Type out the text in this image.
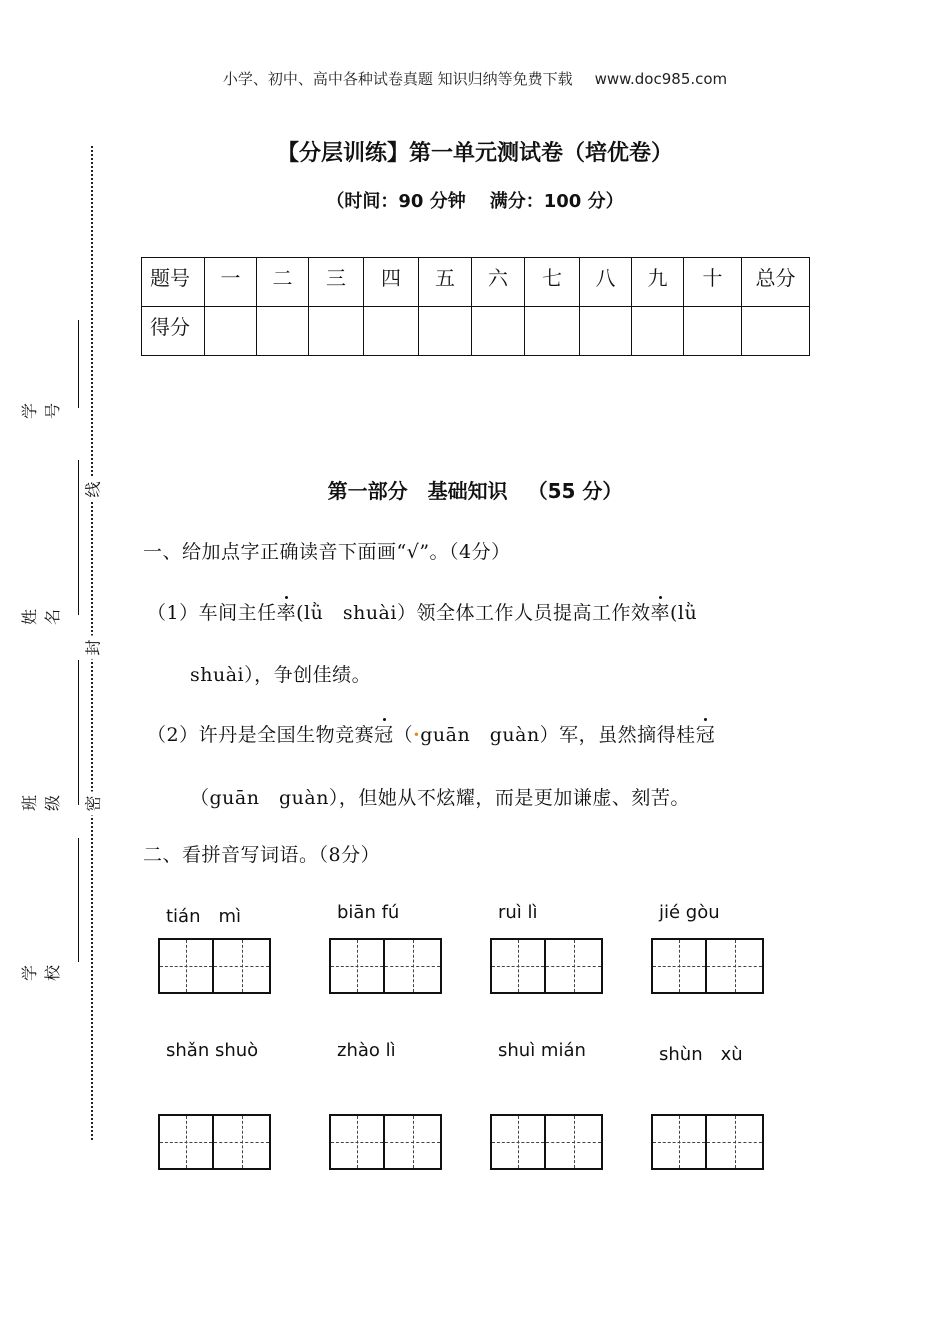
小学、初中、高中各种试卷真题 知识归纳等免费下载 www.doc985.com
【分层训练】第一单元测试卷（培优卷）
（时间：90 分钟 满分：100 分）
题号	一	二	三	四	五	六	七	八	九	十	总分
得分											
线
封
密
学号
姓名
班级
学校
第一部分 基础知识 （55 分）
一、给加点字正确读音下面画“√”。（4分）
（1）车间主任率(lǜ　shuài）领全体工作人员提高工作效率(lǜ
shuài），争创佳绩。
（2）许丹是全国生物竞赛冠（·guān　guàn）军，虽然摘得桂冠
（guān　guàn），但她从不炫耀，而是更加谦虚、刻苦。
二、看拼音写词语。（8分）
tián　mì	biān fú	ruì lì	jié gòu
shǎn shuò	zhào lì	shuì mián	shùn　xù
